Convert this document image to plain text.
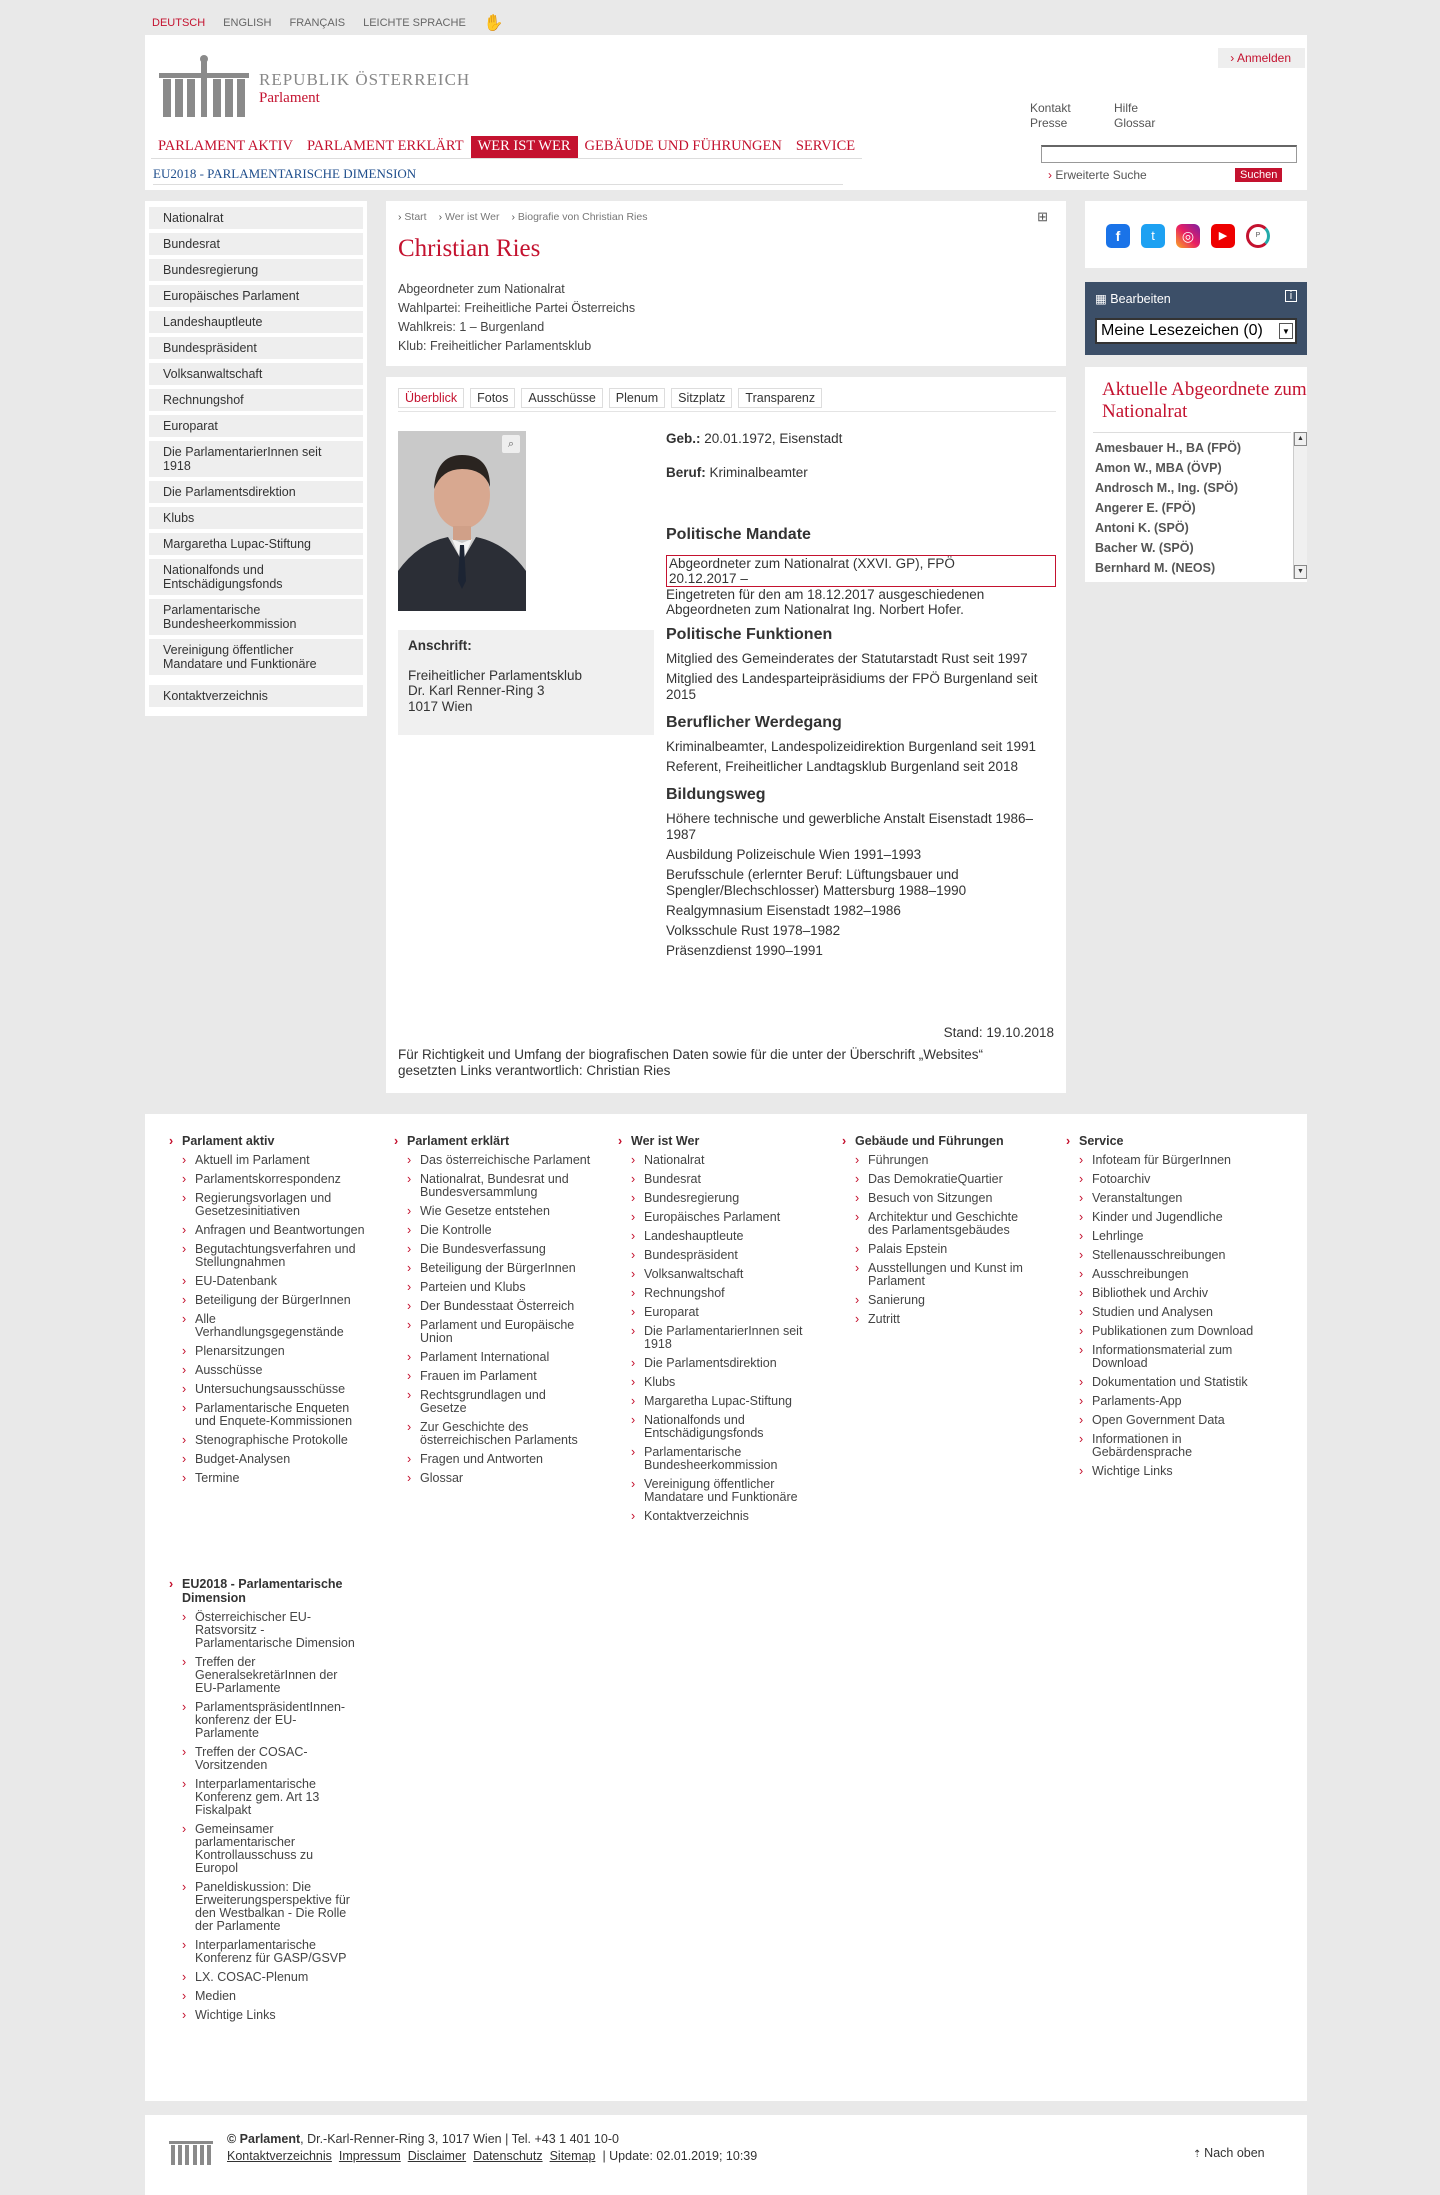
DEUTSCH ENGLISH FRANÇAIS LEICHTE SPRACHE ✋
REPUBLIK ÖSTERREICH
Parlament
› Anmelden
Kontakt	Hilfe
Presse	Glossar
PARLAMENT AKTIV PARLAMENT ERKLÄRT WER IST WER GEBÄUDE UND FÜHRUNGEN SERVICE
EU2018 - PARLAMENTARISCHE DIMENSION	› Erweiterte Suche	Suchen
Nationalrat
Bundesrat
Bundesregierung
Europäisches Parlament
Landeshauptleute
Bundespräsident
Volksanwaltschaft
Rechnungshof
Europarat
Die ParlamentarierInnen seit 1918
Die Parlamentsdirektion
Klubs
Margaretha Lupac-Stiftung
Nationalfonds und Entschädigungsfonds
Parlamentarische Bundesheerkommission
Vereinigung öffentlicher Mandatare und Funktionäre
Kontaktverzeichnis
› Start	› Wer ist Wer	› Biografie von Christian Ries	⊞
Christian Ries
Abgeordneter zum Nationalrat
Wahlpartei: Freiheitliche Partei Österreichs
Wahlkreis: 1 – Burgenland
Klub: Freiheitlicher Parlamentsklub
Überblick	Fotos	Ausschüsse	Plenum	Sitzplatz	Transparenz
⌕
Anschrift:
Freiheitlicher Parlamentsklub
Dr. Karl Renner-Ring 3
1017 Wien
Geb.: 20.01.1972, Eisenstadt
Beruf: Kriminalbeamter
Politische Mandate
Abgeordneter zum Nationalrat (XXVI. GP), FPÖ
20.12.2017 –
Eingetreten für den am 18.12.2017 ausgeschiedenen Abgeordneten zum Nationalrat Ing. Norbert Hofer.
Politische Funktionen
Mitglied des Gemeinderates der Statutarstadt Rust seit 1997
Mitglied des Landesparteipräsidiums der FPÖ Burgenland seit 2015
Beruflicher Werdegang
Kriminalbeamter, Landespolizeidirektion Burgenland seit 1991
Referent, Freiheitlicher Landtagsklub Burgenland seit 2018
Bildungsweg
Höhere technische und gewerbliche Anstalt Eisenstadt 1986–1987
Ausbildung Polizeischule Wien 1991–1993
Berufsschule (erlernter Beruf: Lüftungsbauer und Spengler/Blechschlosser) Mattersburg 1988–1990
Realgymnasium Eisenstadt 1982–1986
Volksschule Rust 1978–1982
Präsenzdienst 1990–1991
Stand: 19.10.2018
Für Richtigkeit und Umfang der biografischen Daten sowie für die unter der Überschrift „Websites“ gesetzten Links verantwortlich: Christian Ries
f	t	◎	▶	P
▦ Bearbeiten	i
Meine Lesezeichen (0)	▼
Aktuelle Abgeordnete zum Nationalrat
Amesbauer H., BA (FPÖ)
Amon W., MBA (ÖVP)
Androsch M., Ing. (SPÖ)
Angerer E. (FPÖ)
Antoni K. (SPÖ)
Bacher W. (SPÖ)
Bernhard M. (NEOS)
▲
▼
› Parlament aktiv
› Aktuell im Parlament
› Parlamentskorrespondenz
› Regierungsvorlagen und Gesetzesinitiativen
› Anfragen und Beantwortungen
› Begutachtungsverfahren und Stellungnahmen
› EU-Datenbank
› Beteiligung der BürgerInnen
› Alle Verhandlungsgegenstände
› Plenarsitzungen
› Ausschüsse
› Untersuchungsausschüsse
› Parlamentarische Enqueten und Enquete-Kommissionen
› Stenographische Protokolle
› Budget-Analysen
› Termine
› Parlament erklärt
› Das österreichische Parlament
› Nationalrat, Bundesrat und Bundesversammlung
› Wie Gesetze entstehen
› Die Kontrolle
› Die Bundesverfassung
› Beteiligung der BürgerInnen
› Parteien und Klubs
› Der Bundesstaat Österreich
› Parlament und Europäische Union
› Parlament International
› Frauen im Parlament
› Rechtsgrundlagen und Gesetze
› Zur Geschichte des österreichischen Parlaments
› Fragen und Antworten
› Glossar
› Wer ist Wer
› Nationalrat
› Bundesrat
› Bundesregierung
› Europäisches Parlament
› Landeshauptleute
› Bundespräsident
› Volksanwaltschaft
› Rechnungshof
› Europarat
› Die ParlamentarierInnen seit 1918
› Die Parlamentsdirektion
› Klubs
› Margaretha Lupac-Stiftung
› Nationalfonds und Entschädigungsfonds
› Parlamentarische Bundesheerkommission
› Vereinigung öffentlicher Mandatare und Funktionäre
› Kontaktverzeichnis
› Gebäude und Führungen
› Führungen
› Das DemokratieQuartier
› Besuch von Sitzungen
› Architektur und Geschichte des Parlamentsgebäudes
› Palais Epstein
› Ausstellungen und Kunst im Parlament
› Sanierung
› Zutritt
› Service
› Infoteam für BürgerInnen
› Fotoarchiv
› Veranstaltungen
› Kinder und Jugendliche
› Lehrlinge
› Stellenausschreibungen
› Ausschreibungen
› Bibliothek und Archiv
› Studien und Analysen
› Publikationen zum Download
› Informationsmaterial zum Download
› Dokumentation und Statistik
› Parlaments-App
› Open Government Data
› Informationen in Gebärdensprache
› Wichtige Links
› EU2018 - Parlamentarische Dimension
› Österreichischer EU-Ratsvorsitz - Parlamentarische Dimension
› Treffen der GeneralsekretärInnen der EU-Parlamente
› ParlamentspräsidentInnen-konferenz der EU-Parlamente
› Treffen der COSAC-Vorsitzenden
› Interparlamentarische Konferenz gem. Art 13 Fiskalpakt
› Gemeinsamer parlamentarischer Kontrollausschuss zu Europol
› Paneldiskussion: Die Erweiterungsperspektive für den Westbalkan - Die Rolle der Parlamente
› Interparlamentarische Konferenz für GASP/GSVP
› LX. COSAC-Plenum
› Medien
› Wichtige Links
© Parlament, Dr.-Karl-Renner-Ring 3, 1017 Wien | Tel. +43 1 401 10-0
Kontaktverzeichnis Impressum Disclaimer Datenschutz Sitemap | Update: 02.01.2019; 10:39	⇡ Nach oben
